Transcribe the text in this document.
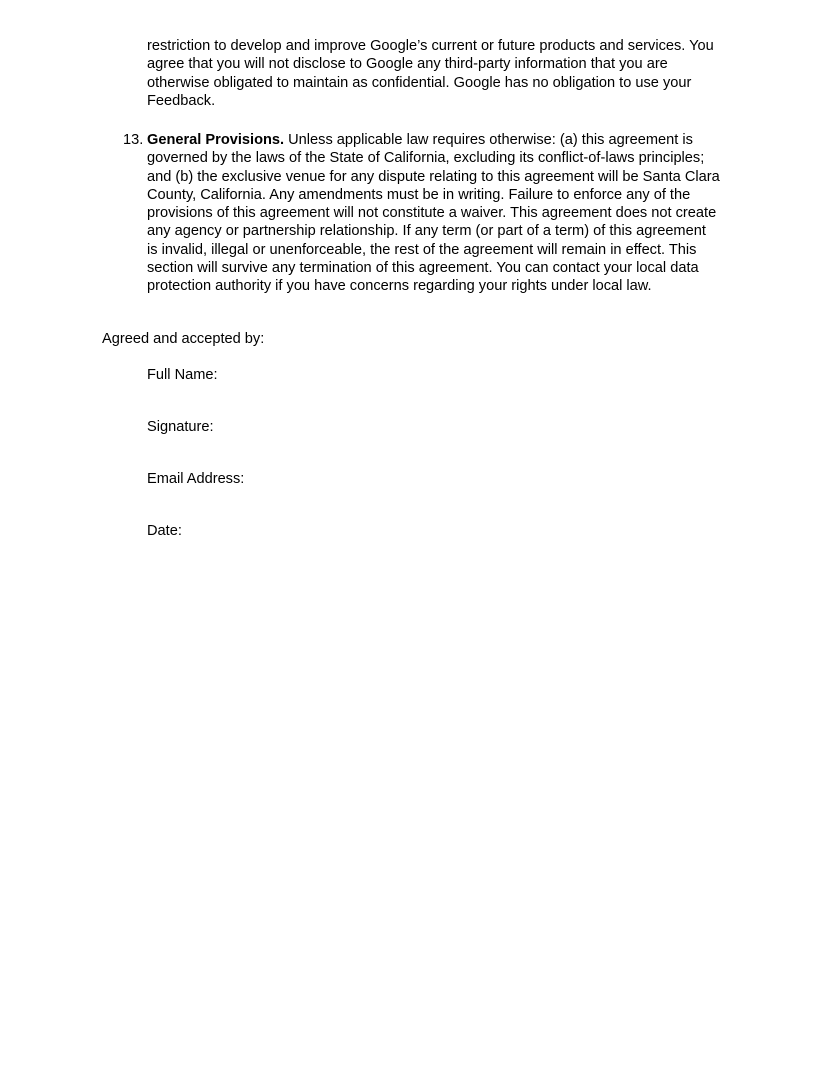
restriction to develop and improve Google’s current or future products and services. You
agree that you will not disclose to Google any third-party information that you are
otherwise obligated to maintain as confidential. Google has no obligation to use your
Feedback.
13. General Provisions. Unless applicable law requires otherwise: (a) this agreement is
governed by the laws of the State of California, excluding its conflict-of-laws principles;
and (b) the exclusive venue for any dispute relating to this agreement will be Santa Clara
County, California. Any amendments must be in writing. Failure to enforce any of the
provisions of this agreement will not constitute a waiver. This agreement does not create
any agency or partnership relationship. If any term (or part of a term) of this agreement
is invalid, illegal or unenforceable, the rest of the agreement will remain in effect. This
section will survive any termination of this agreement. You can contact your local data
protection authority if you have concerns regarding your rights under local law.
Agreed and accepted by:
Full Name:
Signature:
Email Address:
Date:
